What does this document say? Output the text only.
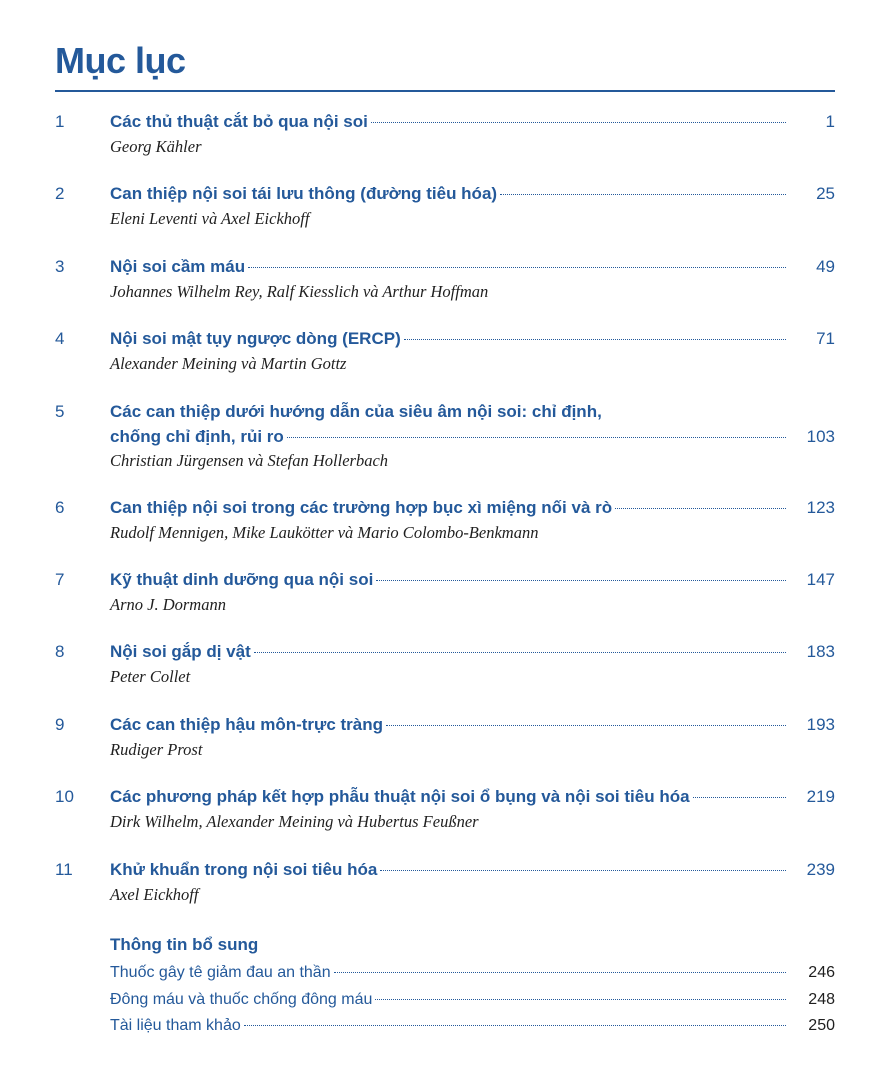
Mục lục
1	Các thủ thuật cắt bỏ qua nội soi	1
Georg Kähler
2	Can thiệp nội soi tái lưu thông (đường tiêu hóa)	25
Eleni Leventi và Axel Eickhoff
3	Nội soi cầm máu	49
Johannes Wilhelm Rey, Ralf Kiesslich và Arthur Hoffman
4	Nội soi mật tụy ngược dòng (ERCP)	71
Alexander Meining và Martin Gottz
5	Các can thiệp dưới hướng dẫn của siêu âm nội soi: chỉ định,
chống chỉ định, rủi ro	103
Christian Jürgensen và Stefan Hollerbach
6	Can thiệp nội soi trong các trường hợp bục xì miệng nối và rò	123
Rudolf Mennigen, Mike Laukötter và Mario Colombo-Benkmann
7	Kỹ thuật dinh dưỡng qua nội soi	147
Arno J. Dormann
8	Nội soi gắp dị vật	183
Peter Collet
9	Các can thiệp hậu môn-trực tràng	193
Rudiger Prost
10 Các phương pháp kết hợp phẫu thuật nội soi ổ bụng và nội soi tiêu hóa	219
Dirk Wilhelm, Alexander Meining và Hubertus Feußner
11 Khử khuẩn trong nội soi tiêu hóa	239
Axel Eickhoff
Thông tin bổ sung
Thuốc gây tê giảm đau an thần	246
Đông máu và thuốc chống đông máu	248
Tài liệu tham khảo	250
